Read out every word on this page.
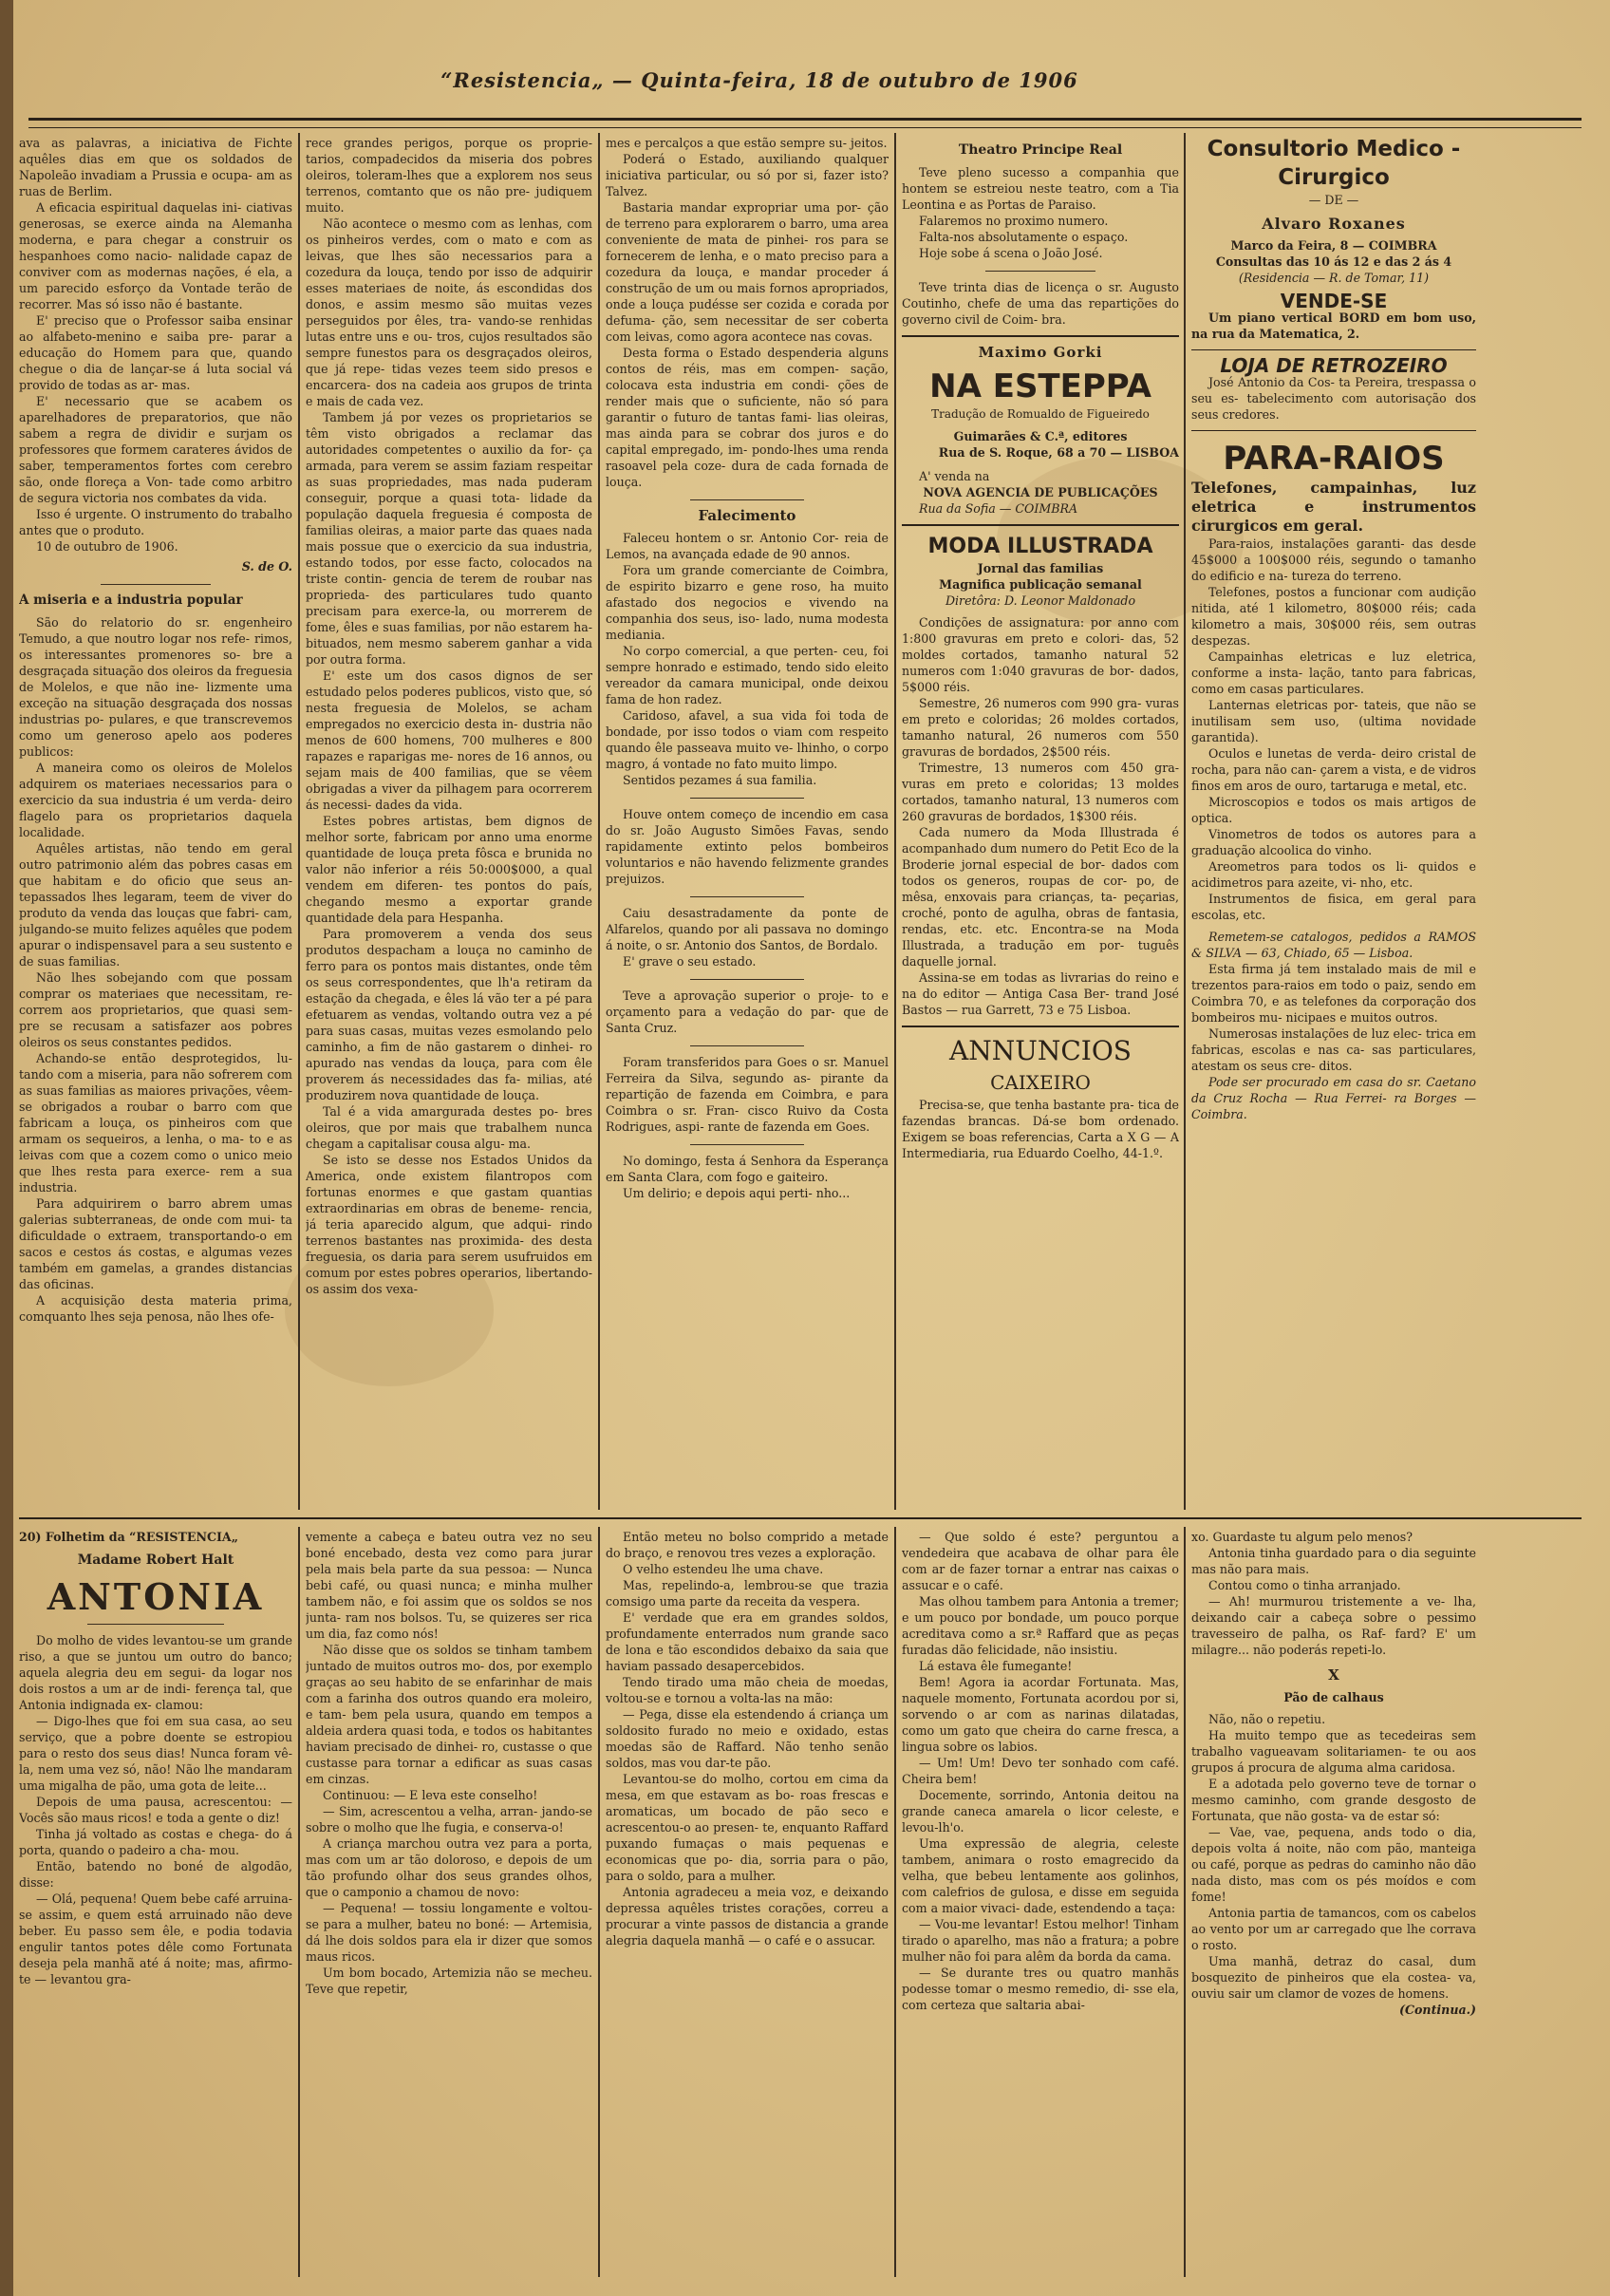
“Resistencia„ — Quinta-feira, 18 de outubro de 1906

ava as palavras, a iniciativa de Fichte aquêles dias em que os soldados de Napoleão invadiam a Prussia e ocupa- am as ruas de Berlim.

A eficacia espiritual daquelas ini- ciativas generosas, se exerce ainda na Alemanha moderna, e para chegar a construir os hespanhoes como nacio- nalidade capaz de conviver com as modernas nações, é ela, a um parecido esforço da Vontade terão de recorrer. Mas só isso não é bastante.

E' preciso que o Professor saiba ensinar ao alfabeto-menino e saiba pre- parar a educação do Homem para que, quando chegue o dia de lançar-se á luta social vá provido de todas as ar- mas.

E' necessario que se acabem os aparelhadores de preparatorios, que não sabem a regra de dividir e surjam os professores que formem carateres ávidos de saber, temperamentos fortes com cerebro são, onde floreça a Von- tade como arbitro de segura victoria nos combates da vida.

Isso é urgente. O instrumento do trabalho antes que o produto.

10 de outubro de 1906.

S. de O.
A miseria e a industria popular

São do relatorio do sr. engenheiro Temudo, a que noutro logar nos refe- rimos, os interessantes promenores so- bre a desgraçada situação dos oleiros da freguesia de Molelos, e que não ine- lizmente uma exceção na situação desgraçada dos nossas industrias po- pulares, e que transcrevemos como um generoso apelo aos poderes publicos:

A maneira como os oleiros de Molelos adquirem os materiaes necessarios para o exercicio da sua industria é um verda- deiro flagelo para os proprietarios daquela localidade.

Aquêles artistas, não tendo em geral outro patrimonio além das pobres casas em que habitam e do oficio que seus an- tepassados lhes legaram, teem de viver do produto da venda das louças que fabri- cam, julgando-se muito felizes aquêles que podem apurar o indispensavel para a seu sustento e de suas familias.

Não lhes sobejando com que possam comprar os materiaes que necessitam, re- correm aos proprietarios, que quasi sem- pre se recusam a satisfazer aos pobres oleiros os seus constantes pedidos.

Achando-se então desprotegidos, lu- tando com a miseria, para não sofrerem com as suas familias as maiores privações, vêem-se obrigados a roubar o barro com que fabricam a louça, os pinheiros com que armam os sequeiros, a lenha, o ma- to e as leivas com que a cozem como o unico meio que lhes resta para exerce- rem a sua industria.

Para adquirirem o barro abrem umas galerias subterraneas, de onde com mui- ta dificuldade o extraem, transportando-o em sacos e cestos ás costas, e algumas vezes também em gamelas, a grandes distancias das oficinas.

A acquisição desta materia prima, comquanto lhes seja penosa, não lhes ofe-

rece grandes perigos, porque os proprie- tarios, compadecidos da miseria dos pobres oleiros, toleram-lhes que a explorem nos seus terrenos, comtanto que os não pre- judiquem muito.

Não acontece o mesmo com as lenhas, com os pinheiros verdes, com o mato e com as leivas, que lhes são necessarios para a cozedura da louça, tendo por isso de adquirir esses materiaes de noite, ás escondidas dos donos, e assim mesmo são muitas vezes perseguidos por êles, tra- vando-se renhidas lutas entre uns e ou- tros, cujos resultados são sempre funestos para os desgraçados oleiros, que já repe- tidas vezes teem sido presos e encarcera- dos na cadeia aos grupos de trinta e mais de cada vez.

Tambem já por vezes os proprietarios se têm visto obrigados a reclamar das autoridades competentes o auxilio da for- ça armada, para verem se assim faziam respeitar as suas propriedades, mas nada puderam conseguir, porque a quasi tota- lidade da população daquela freguesia é composta de familias oleiras, a maior parte das quaes nada mais possue que o exercicio da sua industria, estando todos, por esse facto, colocados na triste contin- gencia de terem de roubar nas proprieda- des particulares tudo quanto precisam para exerce-la, ou morrerem de fome, êles e suas familias, por não estarem ha- bituados, nem mesmo saberem ganhar a vida por outra forma.

E' este um dos casos dignos de ser estudado pelos poderes publicos, visto que, só nesta freguesia de Molelos, se acham empregados no exercicio desta in- dustria não menos de 600 homens, 700 mulheres e 800 rapazes e raparigas me- nores de 16 annos, ou sejam mais de 400 familias, que se vêem obrigadas a viver da pilhagem para ocorrerem ás necessi- dades da vida.

Estes pobres artistas, bem dignos de melhor sorte, fabricam por anno uma enorme quantidade de louça preta fôsca e brunida no valor não inferior a réis 50:000$000, a qual vendem em diferen- tes pontos do país, chegando mesmo a exportar grande quantidade dela para Hespanha.

Para promoverem a venda dos seus produtos despacham a louça no caminho de ferro para os pontos mais distantes, onde têm os seus correspondentes, que lh'a retiram da estação da chegada, e êles lá vão ter a pé para efetuarem as vendas, voltando outra vez a pé para suas casas, muitas vezes esmolando pelo caminho, a fim de não gastarem o dinhei- ro apurado nas vendas da louça, para com êle proverem ás necessidades das fa- milias, até produzirem nova quantidade de louça.

Tal é a vida amargurada destes po- bres oleiros, que por mais que trabalhem nunca chegam a capitalisar cousa algu- ma.

Se isto se desse nos Estados Unidos da America, onde existem filantropos com fortunas enormes e que gastam quantias extraordinarias em obras de beneme- rencia, já teria aparecido algum, que adqui- rindo terrenos bastantes nas proximida- des desta freguesia, os daria para serem usufruidos em comum por estes pobres operarios, libertando-os assim dos vexa-

mes e percalços a que estão sempre su- jeitos.

Poderá o Estado, auxiliando qualquer iniciativa particular, ou só por si, fazer isto? Talvez.

Bastaria mandar expropriar uma por- ção de terreno para explorarem o barro, uma area conveniente de mata de pinhei- ros para se fornecerem de lenha, e o mato preciso para a cozedura da louça, e mandar proceder á construção de um ou mais fornos apropriados, onde a louça pudésse ser cozida e corada por defuma- ção, sem necessitar de ser coberta com leivas, como agora acontece nas covas.

Desta forma o Estado despenderia alguns contos de réis, mas em compen- sação, colocava esta industria em condi- ções de render mais que o suficiente, não só para garantir o futuro de tantas fami- lias oleiras, mas ainda para se cobrar dos juros e do capital empregado, im- pondo-lhes uma renda rasoavel pela coze- dura de cada fornada de louça.

Falecimento

Faleceu hontem o sr. Antonio Cor- reia de Lemos, na avançada edade de 90 annos.

Fora um grande comerciante de Coimbra, de espirito bizarro e gene roso, ha muito afastado dos negocios e vivendo na companhia dos seus, iso- lado, numa modesta mediania.

No corpo comercial, a que perten- ceu, foi sempre honrado e estimado, tendo sido eleito vereador da camara municipal, onde deixou fama de hon radez.

Caridoso, afavel, a sua vida foi toda de bondade, por isso todos o viam com respeito quando êle passeava muito ve- lhinho, o corpo magro, á vontade no fato muito limpo.

Sentidos pezames á sua familia.

Houve ontem começo de incendio em casa do sr. João Augusto Simões Favas, sendo rapidamente extinto pelos bombeiros voluntarios e não havendo felizmente grandes prejuizos.

Caiu desastradamente da ponte de Alfarelos, quando por ali passava no domingo á noite, o sr. Antonio dos Santos, de Bordalo.

E' grave o seu estado.

Teve a aprovação superior o proje- to e orçamento para a vedação do par- que de Santa Cruz.

Foram transferidos para Goes o sr. Manuel Ferreira da Silva, segundo as- pirante da repartição de fazenda em Coimbra, e para Coimbra o sr. Fran- cisco Ruivo da Costa Rodrigues, aspi- rante de fazenda em Goes.

No domingo, festa á Senhora da Esperança em Santa Clara, com fogo e gaiteiro.

Um delirio; e depois aqui perti- nho...

Theatro Principe Real

Teve pleno sucesso a companhia que hontem se estreiou neste teatro, com a Tia Leontina e as Portas de Paraiso.

Falaremos no proximo numero.

Falta-nos absolutamente o espaço.

Hoje sobe á scena o João José.

Teve trinta dias de licença o sr. Augusto Coutinho, chefe de uma das repartições do governo civil de Coim- bra.

Maximo Gorki
NA ESTEPPA

Tradução de Romualdo de Figueiredo

Guimarães & C.ª, editores

Rua de S. Roque, 68 a 70 — LISBOA

A' venda na

NOVA AGENCIA DE PUBLICAÇÕES

Rua da Sofia — COIMBRA

MODA ILLUSTRADA

Jornal das familias

Magnifica publicação semanal

Diretôra: D. Leonor Maldonado

Condições de assignatura: por anno com 1:800 gravuras em preto e colori- das, 52 moldes cortados, tamanho natural 52 numeros com 1:040 gravuras de bor- dados, 5$000 réis.

Semestre, 26 numeros com 990 gra- vuras em preto e coloridas; 26 moldes cortados, tamanho natural, 26 numeros com 550 gravuras de bordados, 2$500 réis.

Trimestre, 13 numeros com 450 gra- vuras em preto e coloridas; 13 moldes cortados, tamanho natural, 13 numeros com 260 gravuras de bordados, 1$300 réis.

Cada numero da Moda Illustrada é acompanhado dum numero do Petit Eco de la Broderie jornal especial de bor- dados com todos os generos, roupas de cor- po, de mêsa, enxovais para crianças, ta- peçarias, croché, ponto de agulha, obras de fantasia, rendas, etc. etc. Encontra-se na Moda Illustrada, a tradução em por- tuguês daquelle jornal.

Assina-se em todas as livrarias do reino e na do editor — Antiga Casa Ber- trand José Bastos — rua Garrett, 73 e 75 Lisboa.

ANNUNCIOS
CAIXEIRO

Precisa-se, que tenha bastante pra- tica de fazendas brancas. Dá-se bom ordenado. Exigem se boas referencias, Carta a X G — A Intermediaria, rua Eduardo Coelho, 44-1.º.

Consultorio Medico - Cirurgico

— DE —

Alvaro Roxanes

Marco da Feira, 8 — COIMBRA

Consultas das 10 ás 12 e das 2 ás 4

(Residencia — R. de Tomar, 11)

VENDE-SE

Um piano vertical BORD em bom uso, na rua da Matematica, 2.

LOJA DE RETROZEIRO

José Antonio da Cos- ta Pereira, trespassa o seu es- tabelecimento com autorisação dos seus credores.

PARA-RAIOS

Telefones, campainhas, luz eletrica e instrumentos cirurgicos em geral.

Para-raios, instalações garanti- das desde 45$000 a 100$000 réis, segundo o tamanho do edificio e na- tureza do terreno.

Telefones, postos a funcionar com audição nitida, até 1 kilometro, 80$000 réis; cada kilometro a mais, 30$000 réis, sem outras despezas.

Campainhas eletricas e luz eletrica, conforme a insta- lação, tanto para fabricas, como em casas particulares.

Lanternas eletricas por- tateis, que não se inutilisam sem uso, (ultima novidade garantida).

Oculos e lunetas de verda- deiro cristal de rocha, para não can- çarem a vista, e de vidros finos em aros de ouro, tartaruga e metal, etc.

Microscopios e todos os mais artigos de optica.

Vinometros de todos os autores para a graduação alcoolica do vinho.

Areometros para todos os li- quidos e acidimetros para azeite, vi- nho, etc.

Instrumentos de fisica, em geral para escolas, etc.

Remetem-se catalogos, pedidos a RAMOS & SILVA — 63, Chiado, 65 — Lisboa.

Esta firma já tem instalado mais de mil e trezentos para-raios em todo o paiz, sendo em Coimbra 70, e as telefones da corporação dos bombeiros mu- nicipaes e muitos outros.

Numerosas instalações de luz elec- trica em fabricas, escolas e nas ca- sas particulares, atestam os seus cre- ditos.

Pode ser procurado em casa do sr. Caetano da Cruz Rocha — Rua Ferrei- ra Borges — Coimbra.

20) Folhetim da “RESISTENCIA„

Madame Robert Halt
ANTONIA

Do molho de vides levantou-se um grande riso, a que se juntou um outro do banco; aquela alegria deu em segui- da logar nos dois rostos a um ar de indi- ferença tal, que Antonia indignada ex- clamou:

— Digo-lhes que foi em sua casa, ao seu serviço, que a pobre doente se estropiou para o resto dos seus dias! Nunca foram vê-la, nem uma vez só, não! Não lhe mandaram uma migalha de pão, uma gota de leite...

Depois de uma pausa, acrescentou: — Vocês são maus ricos! e toda a gente o diz!

Tinha já voltado as costas e chega- do á porta, quando o padeiro a cha- mou.

Então, batendo no boné de algodão, disse:

— Olá, pequena! Quem bebe café arruina-se assim, e quem está arruinado não deve beber. Eu passo sem êle, e podia todavia engulir tantos potes dêle como Fortunata deseja pela manhã até á noite; mas, afirmo-te — levantou gra-

vemente a cabeça e bateu outra vez no seu boné encebado, desta vez como para jurar pela mais bela parte da sua pessoa: — Nunca bebi café, ou quasi nunca; e minha mulher tambem não, e foi assim que os soldos se nos junta- ram nos bolsos. Tu, se quizeres ser rica um dia, faz como nós!

Não disse que os soldos se tinham tambem juntado de muitos outros mo- dos, por exemplo graças ao seu habito de se enfarinhar de mais com a farinha dos outros quando era moleiro, e tam- bem pela usura, quando em tempos a aldeia ardera quasi toda, e todos os habitantes haviam precisado de dinhei- ro, custasse o que custasse para tornar a edificar as suas casas em cinzas.

Continuou: — E leva este conselho!

— Sim, acrescentou a velha, arran- jando-se sobre o molho que lhe fugia, e conserva-o!

A criança marchou outra vez para a porta, mas com um ar tão doloroso, e depois de um tão profundo olhar dos seus grandes olhos, que o camponio a chamou de novo:

— Pequena! — tossiu longamente e voltou-se para a mulher, bateu no boné: — Artemisia, dá lhe dois soldos para ela ir dizer que somos maus ricos.

Um bom bocado, Artemizia não se mecheu. Teve que repetir,

Então meteu no bolso comprido a metade do braço, e renovou tres vezes a exploração.

O velho estendeu lhe uma chave.

Mas, repelindo-a, lembrou-se que trazia comsigo uma parte da receita da vespera.

E' verdade que era em grandes soldos, profundamente enterrados num grande saco de lona e tão escondidos debaixo da saia que haviam passado desapercebidos.

Tendo tirado uma mão cheia de moedas, voltou-se e tornou a volta-las na mão:

— Pega, disse ela estendendo á criança um soldosito furado no meio e oxidado, estas moedas são de Raffard. Não tenho senão soldos, mas vou dar-te pão.

Levantou-se do molho, cortou em cima da mesa, em que estavam as bo- roas frescas e aromaticas, um bocado de pão seco e acrescentou-o ao presen- te, enquanto Raffard puxando fumaças o mais pequenas e economicas que po- dia, sorria para o pão, para o soldo, para a mulher.

Antonia agradeceu a meia voz, e deixando depressa aquêles tristes corações, correu a procurar a vinte passos de distancia a grande alegria daquela manhã — o café e o assucar.

— Que soldo é este? perguntou a vendedeira que acabava de olhar para êle com ar de fazer tornar a entrar nas caixas o assucar e o café.

Mas olhou tambem para Antonia a tremer; e um pouco por bondade, um pouco porque acreditava como a sr.ª Raffard que as peças furadas dão felicidade, não insistiu.

Lá estava êle fumegante!

Bem! Agora ia acordar Fortunata. Mas, naquele momento, Fortunata acordou por si, sorvendo o ar com as narinas dilatadas, como um gato que cheira do carne fresca, a lingua sobre os labios.

— Um! Um! Devo ter sonhado com café. Cheira bem!

Docemente, sorrindo, Antonia deitou na grande caneca amarela o licor celeste, e levou-lh'o.

Uma expressão de alegria, celeste tambem, animara o rosto emagrecido da velha, que bebeu lentamente aos golinhos, com calefrios de gulosa, e disse em seguida com a maior vivaci- dade, estendendo a taça:

— Vou-me levantar! Estou melhor! Tinham tirado o aparelho, mas não a fratura; a pobre mulher não foi para alêm da borda da cama.

— Se durante tres ou quatro manhãs podesse tomar o mesmo remedio, di- sse ela, com certeza que saltaria abai-

xo. Guardaste tu algum pelo menos?

Antonia tinha guardado para o dia seguinte mas não para mais.

Contou como o tinha arranjado.

— Ah! murmurou tristemente a ve- lha, deixando cair a cabeça sobre o pessimo travesseiro de palha, os Raf- fard? E' um milagre... não poderás repeti-lo.

X
Pão de calhaus

Não, não o repetiu.

Ha muito tempo que as tecedeiras sem trabalho vagueavam solitariamen- te ou aos grupos á procura de alguma alma caridosa.

E a adotada pelo governo teve de tornar o mesmo caminho, com grande desgosto de Fortunata, que não gosta- va de estar só:

— Vae, vae, pequena, ands todo o dia, depois volta á noite, não com pão, manteiga ou café, porque as pedras do caminho não dão nada disto, mas com os pés moídos e com fome!

Antonia partia de tamancos, com os cabelos ao vento por um ar carregado que lhe corrava o rosto.

Uma manhã, detraz do casal, dum bosquezito de pinheiros que ela costea- va, ouviu sair um clamor de vozes de homens.

(Continua.)
